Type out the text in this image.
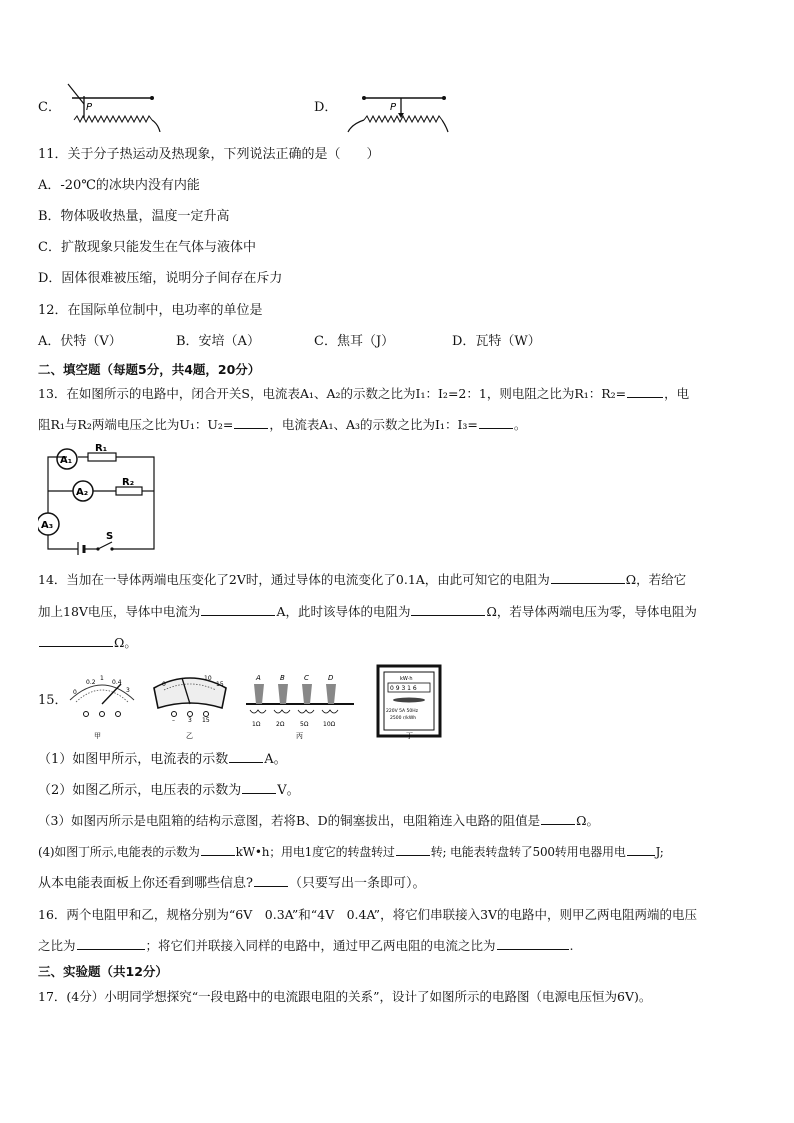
C．	P	D．	P
11．关于分子热运动及热现象，下列说法正确的是（　　）
A．-20℃的冰块内没有内能
B．物体吸收热量，温度一定升高
C．扩散现象只能发生在气体与液体中
D．固体很难被压缩，说明分子间存在斥力
12．在国际单位制中，电功率的单位是
A．伏特（V）	B．安培（A）	C．焦耳（J）	D．瓦特（W）
二、填空题（每题5分，共4题，20分）
13．在如图所示的电路中，闭合开关S，电流表A₁、A₂的示数之比为I₁：I₂=2：1，则电阻之比为R₁：R₂=	，电
阻R₁与R₂两端电压之比为U₁：U₂=	，电流表A₁、A₃的示数之比为I₁：I₃=	。
A₁
A₂
A₃
R₁
R₂
S
14．当加在一导体两端电压变化了2V时，通过导体的电流变化了0.1A，由此可知它的电阻为	Ω，若给它
加上18V电压，导体中电流为	A，此时该导体的电阻为	Ω，若导体两端电压为零，导体电阻为
Ω。
15．
0
0.2
1
0.4
3
0
10
15
– 3 15
A	B	C	D
1Ω	2Ω	5Ω 10Ω
kW·h
0 9 3 1 6
220V 5A 50Hz
2500 r/kWh
甲	乙	丙	丁
（1）如图甲所示，电流表的示数	A。
（2）如图乙所示，电压表的示数为	V。
（3）如图丙所示是电阻箱的结构示意图，若将B、D的铜塞拔出，电阻箱连入电路的阻值是	Ω。
(4)如图丁所示,电能表的示数为	kW•h；用电1度它的转盘转过	转; 电能表转盘转了500转用电器用电	J;
从本电能表面板上你还看到哪些信息?	（只要写出一条即可）。
16．两个电阻甲和乙，规格分别为“6V　0.3A”和“4V　0.4A”，将它们串联接入3V的电路中，则甲乙两电阻两端的电压
之比为	；将它们并联接入同样的电路中，通过甲乙两电阻的电流之比为	.
三、实验题（共12分）
17．(4分）小明同学想探究“一段电路中的电流跟电阻的关系”，设计了如图所示的电路图（电源电压恒为6V)。
